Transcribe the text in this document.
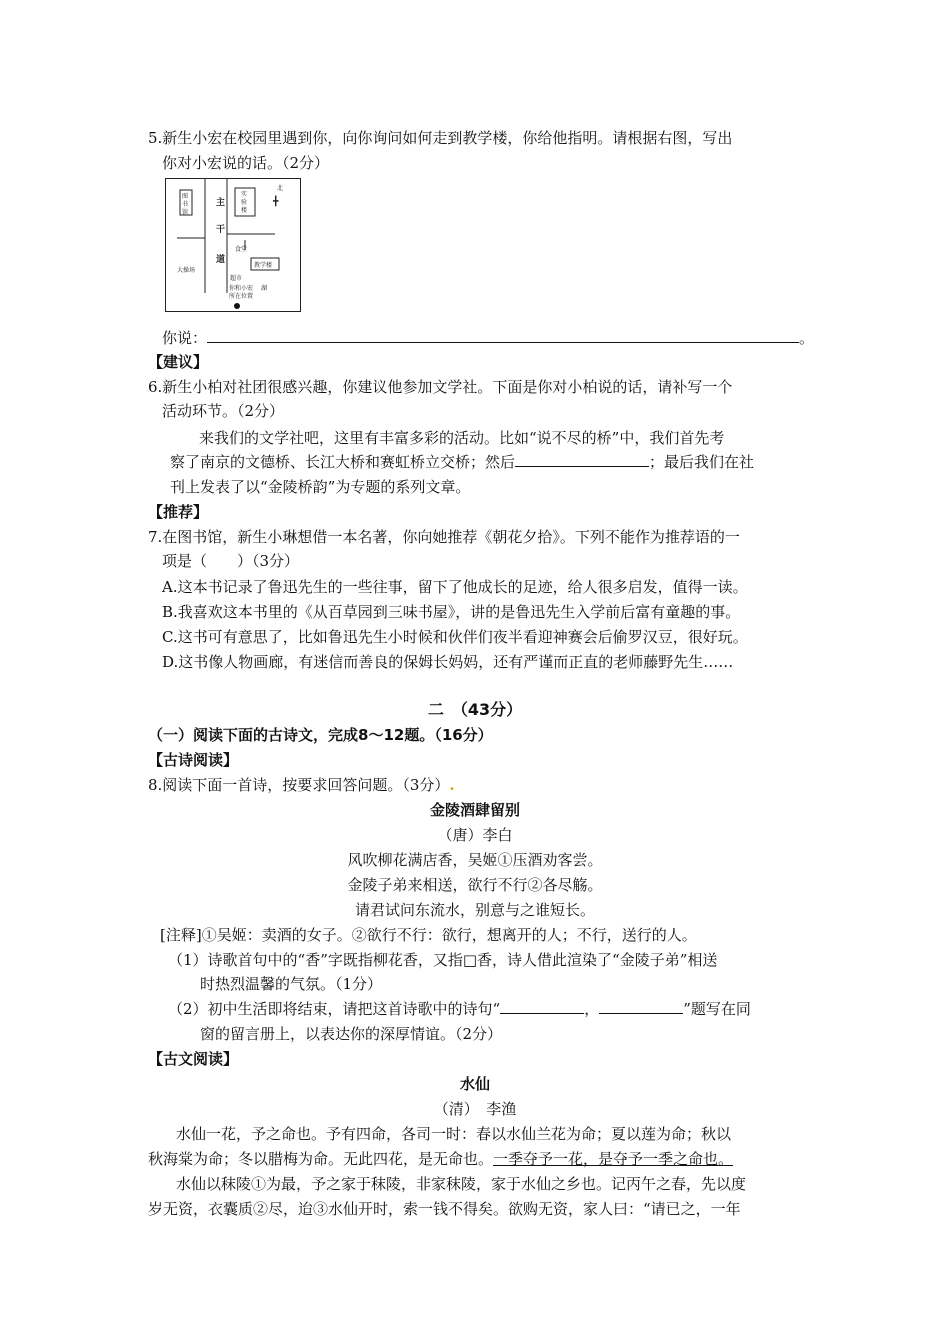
5.新生小宏在校园里遇到你，向你询问如何走到教学楼，你给他指明。请根据右图，写出
你对小宏说的话。（2分）
图
书
馆
实
验
楼
主
干
道
北
╋
教学楼
大操场
食堂
超市
你和小宏
所在位置
湖
你说：	。
【建议】
6.新生小柏对社团很感兴趣，你建议他参加文学社。下面是你对小柏说的话，请补写一个
活动环节。（2分）
来我们的文学社吧，这里有丰富多彩的活动。比如“说不尽的桥”中，我们首先考
察了南京的文德桥、长江大桥和赛虹桥立交桥；然后	；最后我们在社
刊上发表了以“金陵桥韵”为专题的系列文章。
【推荐】
7.在图书馆，新生小琳想借一本名著，你向她推荐《朝花夕拾》。下列不能作为推荐语的一
项是（　　）（3分）
A.这本书记录了鲁迅先生的一些往事，留下了他成长的足迹，给人很多启发，值得一读。
B.我喜欢这本书里的《从百草园到三味书屋》，讲的是鲁迅先生入学前后富有童趣的事。
C.这书可有意思了，比如鲁迅先生小时候和伙伴们夜半看迎神赛会后偷罗汉豆，很好玩。
D.这书像人物画廊，有迷信而善良的保姆长妈妈，还有严谨而正直的老师藤野先生……
二　（43分）
（一）阅读下面的古诗文，完成8～12题。（16分）
【古诗阅读】
8.阅读下面一首诗，按要求回答问题。（3分）.
金陵酒肆留别
（唐）李白
风吹柳花满店香，吴姬①压酒劝客尝。
金陵子弟来相送，欲行不行②各尽觞。
请君试问东流水，别意与之谁短长。
[注释]①吴姬：卖酒的女子。②欲行不行：欲行，想离开的人；不行，送行的人。
（1）诗歌首句中的“香”字既指柳花香，又指□香，诗人借此渲染了“金陵子弟”相送
时热烈温馨的气氛。（1分）
（2）初中生活即将结束，请把这首诗歌中的诗句“	，	”题写在同
窗的留言册上，以表达你的深厚情谊。（2分）
【古文阅读】
水仙
（清）　李渔
水仙一花，予之命也。予有四命，各司一时：春以水仙兰花为命；夏以莲为命；秋以
秋海棠为命；冬以腊梅为命。无此四花，是无命也。一季夺予一花，是夺予一季之命也。
水仙以秣陵①为最，予之家于秣陵，非家秣陵，家于水仙之乡也。记丙午之春，先以度
岁无资，衣囊质②尽，迨③水仙开时，索一钱不得矣。欲购无资，家人曰：“请已之，一年
